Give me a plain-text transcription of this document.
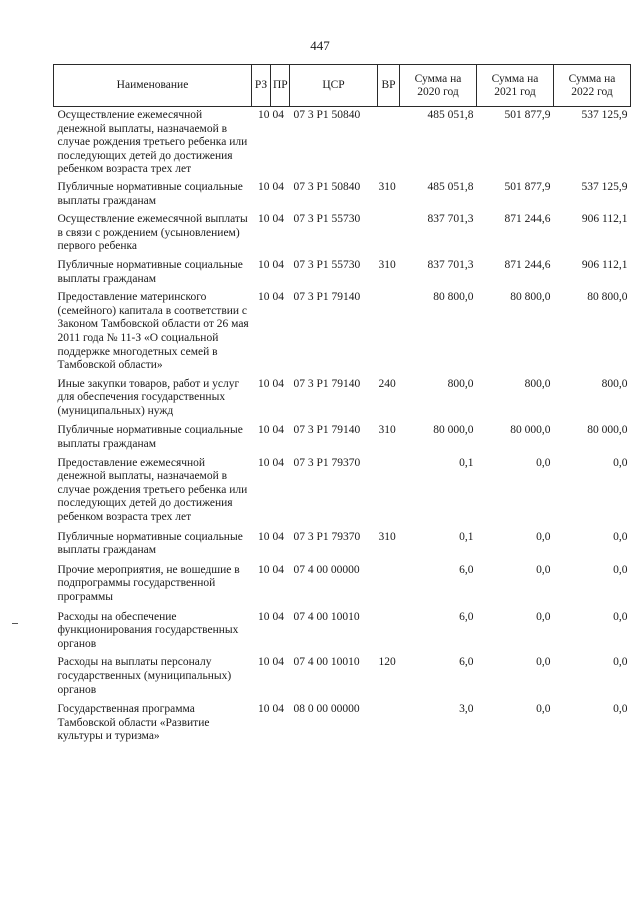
447
Наименование	РЗ	ПР	ЦСР	ВР	Сумма на 2020 год	Сумма на 2021 год	Сумма на 2022 год
Осуществление ежемесячной денежной выплаты, назначаемой в случае рождения третьего ребенка или последующих детей до достижения ребенком возраста трех лет	10	04	07 3 P1 50840		485 051,8	501 877,9	537 125,9
Публичные нормативные социальные выплаты гражданам	10	04	07 3 P1 50840	310	485 051,8	501 877,9	537 125,9
Осуществление ежемесячной выплаты в связи с рождением (усыновлением) первого ребенка	10	04	07 3 P1 55730		837 701,3	871 244,6	906 112,1
Публичные нормативные социальные выплаты гражданам	10	04	07 3 P1 55730	310	837 701,3	871 244,6	906 112,1
Предоставление материнского (семейного) капитала в соответствии с Законом Тамбовской области от 26 мая 2011 года № 11-З «О социальной поддержке многодетных семей в Тамбовской области»	10	04	07 3 P1 79140		80 800,0	80 800,0	80 800,0
Иные закупки товаров, работ и услуг для обеспечения государственных (муниципальных) нужд	10	04	07 3 P1 79140	240	800,0	800,0	800,0
Публичные нормативные социальные выплаты гражданам	10	04	07 3 P1 79140	310	80 000,0	80 000,0	80 000,0
Предоставление ежемесячной денежной выплаты, назначаемой в случае рождения третьего ребенка или последующих детей до достижения ребенком возраста трех лет	10	04	07 3 P1 79370		0,1	0,0	0,0
Публичные нормативные социальные выплаты гражданам	10	04	07 3 P1 79370	310	0,1	0,0	0,0
Прочие мероприятия, не вошедшие в подпрограммы государственной программы	10	04	07 4 00 00000		6,0	0,0	0,0
Расходы на обеспечение функционирования государственных органов	10	04	07 4 00 10010		6,0	0,0	0,0
Расходы на выплаты персоналу государственных (муниципальных) органов	10	04	07 4 00 10010	120	6,0	0,0	0,0
Государственная программа Тамбовской области «Развитие культуры и туризма»	10	04	08 0 00 00000		3,0	0,0	0,0
